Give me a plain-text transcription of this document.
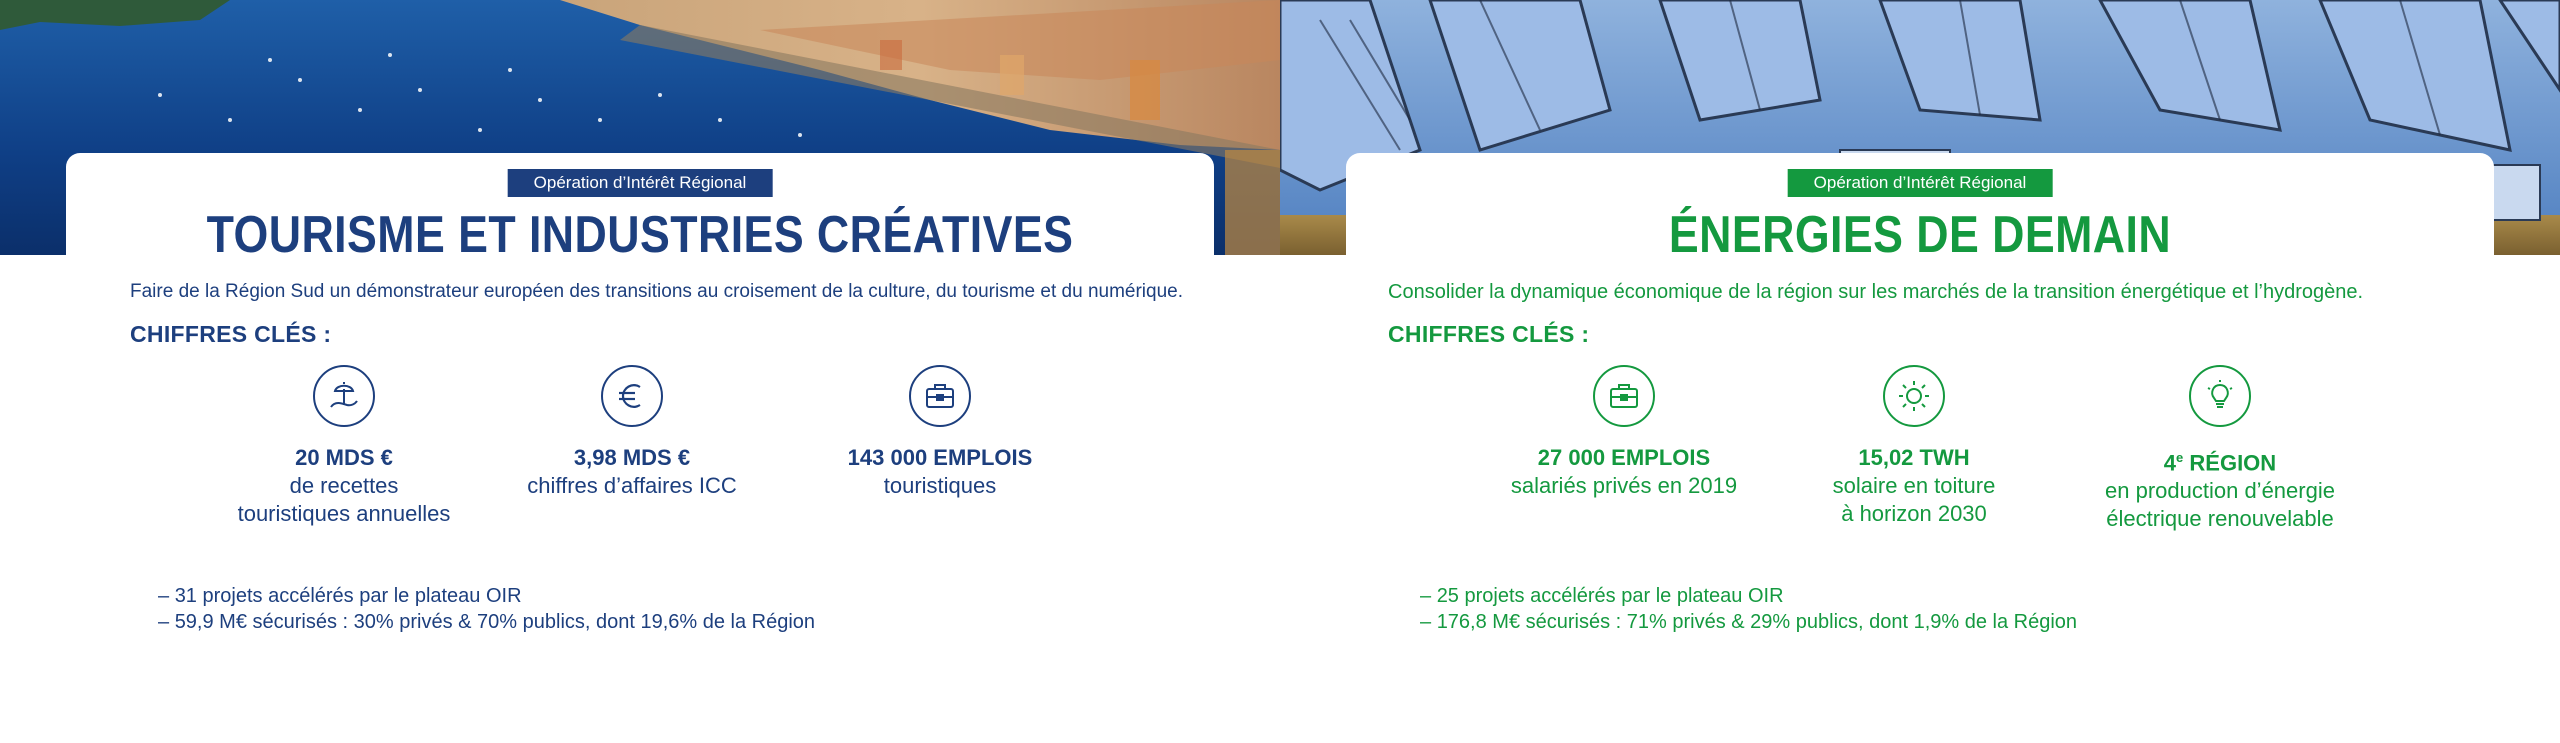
Opération d’Intérêt Régional
TOURISME ET INDUSTRIES CRÉATIVES
Faire de la Région Sud un démonstrateur européen des transitions au croisement de la culture, du tourisme et du numérique.
CHIFFRES CLÉS :
20 MDS €
de recettes
touristiques annuelles
3,98 MDS €
chiffres d’affaires ICC
143 000 EMPLOIS
touristiques
– 31 projets accélérés par le plateau OIR
– 59,9 M€ sécurisés : 30% privés & 70% publics, dont 19,6% de la Région
Opération d’Intérêt Régional
ÉNERGIES DE DEMAIN
Consolider la dynamique économique de la région sur les marchés de la transition énergétique et l’hydrogène.
CHIFFRES CLÉS :
27 000 EMPLOIS
salariés privés en 2019
15,02 TWH
solaire en toiture
à horizon 2030
4e RÉGION
en production d’énergie
électrique renouvelable
– 25 projets accélérés par le plateau OIR
– 176,8 M€ sécurisés : 71% privés & 29% publics, dont 1,9% de la Région
